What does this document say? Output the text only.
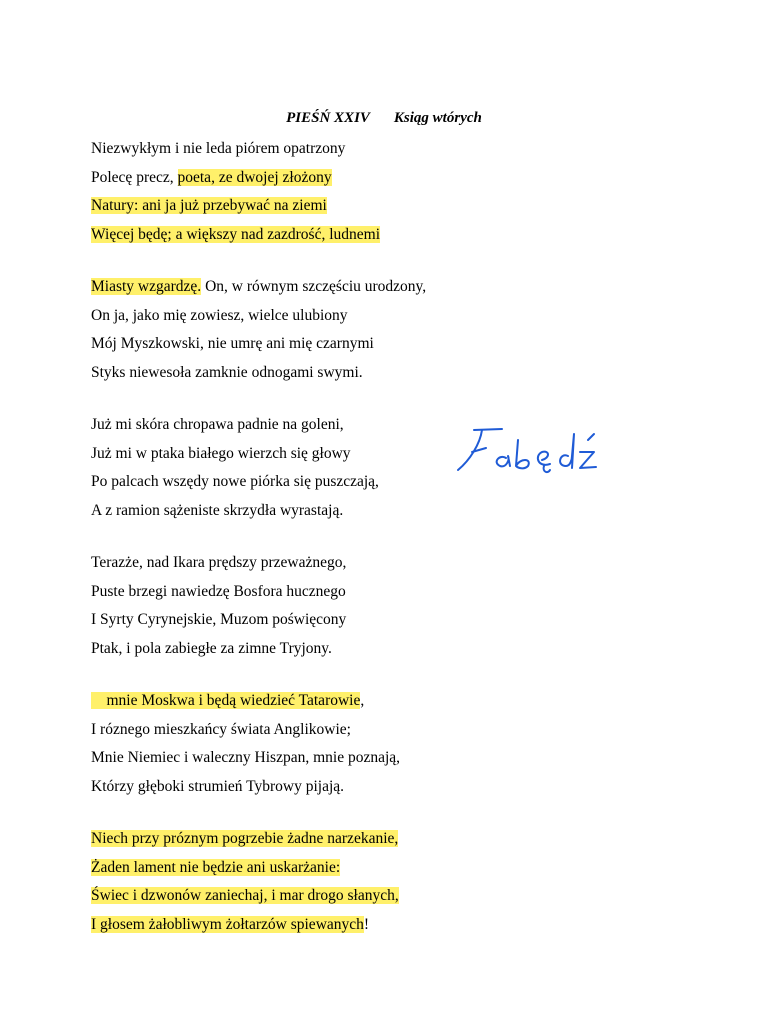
PIEŚŃ XXIV Ksiąg wtórych
Niezwykłym i nie leda piórem opatrzony
Polecę precz, poeta, ze dwojej złożony
Natury: ani ja już przebywać na ziemi
Więcej będę; a większy nad zazdrość, ludnemi
Miasty wzgardzę. On, w równym szczęściu urodzony,
On ja, jako mię zowiesz, wielce ulubiony
Mój Myszkowski, nie umrę ani mię czarnymi
Styks niewesoła zamknie odnogami swymi.
Już mi skóra chropawa padnie na goleni,
Już mi w ptaka białego wierzch się głowy
Po palcach wszędy nowe piórka się puszczają,
A z ramion sążeniste skrzydła wyrastają.
Terazże, nad Ikara prędszy przeważnego,
Puste brzegi nawiedzę Bosfora hucznego
I Syrty Cyrynejskie, Muzom poświęcony
Ptak, i pola zabiegłe za zimne Tryjony.
mnie Moskwa i będą wiedzieć Tatarowie,
I róznego mieszkańcy świata Anglikowie;
Mnie Niemiec i waleczny Hiszpan, mnie poznają,
Którzy głęboki strumień Tybrowy pijają.
Niech przy próznym pogrzebie żadne narzekanie,
Żaden lament nie będzie ani uskarżanie:
Świec i dzwonów zaniechaj, i mar drogo słanych,
I głosem żałobliwym żołtarzów spiewanych!
